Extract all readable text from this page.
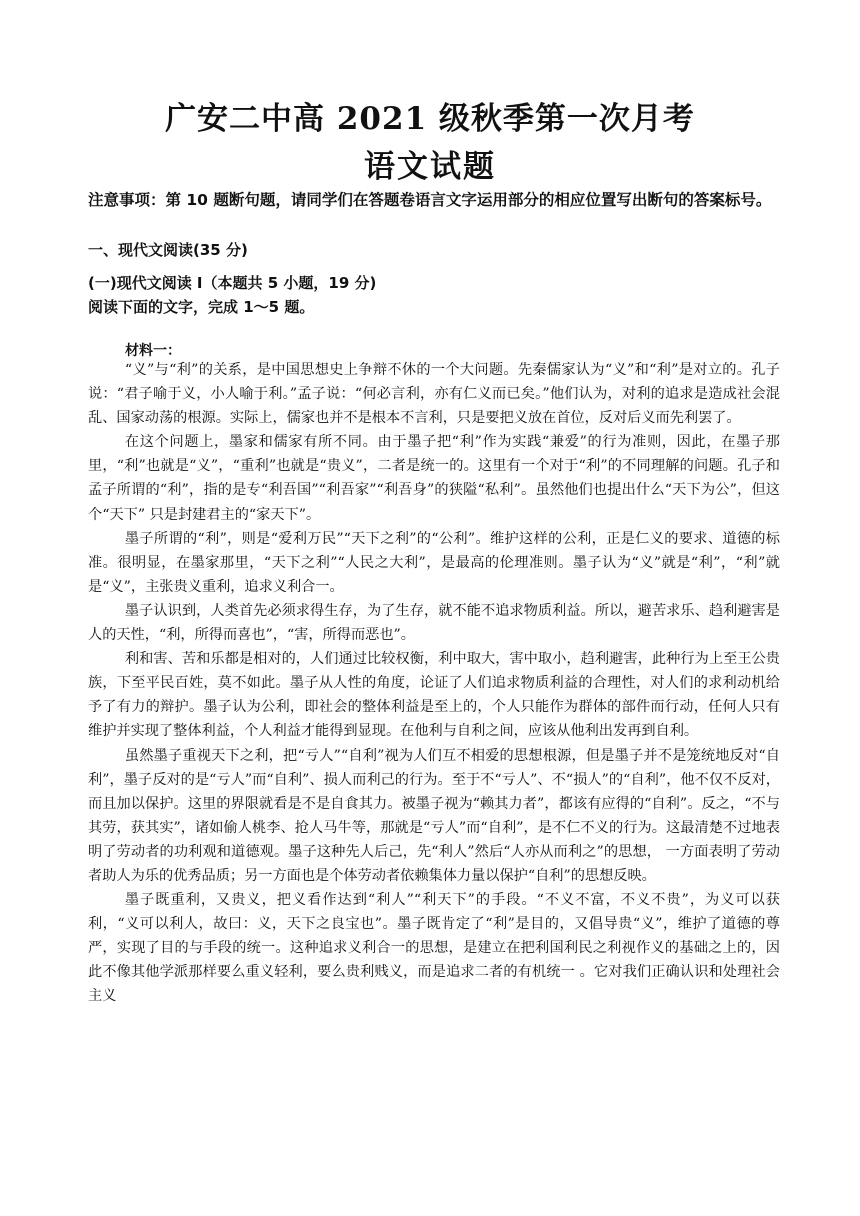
广安二中高 2021 级秋季第一次月考
语文试题
注意事项：第 10 题断句题，请同学们在答题卷语言文字运用部分的相应位置写出断句的答案标号。
一、现代文阅读(35 分)
(一)现代文阅读 I（本题共 5 小题，19 分)
阅读下面的文字，完成 1～5 题。
材料一：

“义”与“利”的关系，是中国思想史上争辩不休的一个大问题。先秦儒家认为“义”和“利”是对立的。孔子说：“君子喻于义，小人喻于利。”孟子说：“何必言利，亦有仁义而已矣。”他们认为，对利的追求是造成社会混乱、国家动荡的根源。实际上，儒家也并不是根本不言利，只是要把义放在首位，反对后义而先利罢了。

在这个问题上，墨家和儒家有所不同。由于墨子把“利”作为实践“兼爱”的行为准则，因此，在墨子那里，“利”也就是“义”，“重利”也就是“贵义”，二者是统一的。这里有一个对于“利”的不同理解的问题。孔子和孟子所谓的“利”，指的是专“利吾国”“利吾家”“利吾身”的狭隘“私利”。虽然他们也提出什么“天下为公”，但这个“天下” 只是封建君主的“家天下”。

墨子所谓的“利”，则是“爱利万民”“天下之利”的“公利”。维护这样的公利，正是仁义的要求、道德的标准。很明显，在墨家那里，“天下之利”“人民之大利”，是最高的伦理准则。墨子认为“义”就是“利”，“利”就是“义”，主张贵义重利，追求义利合一。

墨子认识到，人类首先必须求得生存，为了生存，就不能不追求物质利益。所以，避苦求乐、趋利避害是人的天性，“利，所得而喜也”，“害，所得而恶也”。

利和害、苦和乐都是相对的，人们通过比较权衡，利中取大，害中取小，趋利避害，此种行为上至王公贵族，下至平民百姓，莫不如此。墨子从人性的角度，论证了人们追求物质利益的合理性，对人们的求利动机给予了有力的辩护。墨子认为公利，即社会的整体利益是至上的，个人只能作为群体的部件而行动，任何人只有维护并实现了整体利益，个人利益才能得到显现。在他利与自利之间，应该从他利出发再到自利。

虽然墨子重视天下之利，把“亏人”“自利”视为人们互不相爱的思想根源，但是墨子并不是笼统地反对“自利”，墨子反对的是“亏人”而“自利”、损人而利己的行为。至于不“亏人”、不“损人”的“自利”，他不仅不反对，而且加以保护。这里的界限就看是不是自食其力。被墨子视为“赖其力者”，都该有应得的“自利”。反之，“不与其劳，获其实”，诸如偷人桃李、抢人马牛等，那就是“亏人”而“自利”，是不仁不义的行为。这最清楚不过地表明了劳动者的功利观和道德观。墨子这种先人后己，先“利人”然后“人亦从而利之”的思想， 一方面表明了劳动者助人为乐的优秀品质；另一方面也是个体劳动者依赖集体力量以保护“自利”的思想反映。

墨子既重利，又贵义，把义看作达到“利人”“利天下”的手段。“不义不富，不义不贵”，为义可以获利，“义可以利人，故曰：义，天下之良宝也”。墨子既肯定了“利”是目的，又倡导贵“义”，维护了道德的尊严，实现了目的与手段的统一。这种追求义利合一的思想，是建立在把利国利民之利视作义的基础之上的，因此不像其他学派那样要么重义轻利，要么贵利贱义，而是追求二者的有机统一 。它对我们正确认识和处理社会主义
